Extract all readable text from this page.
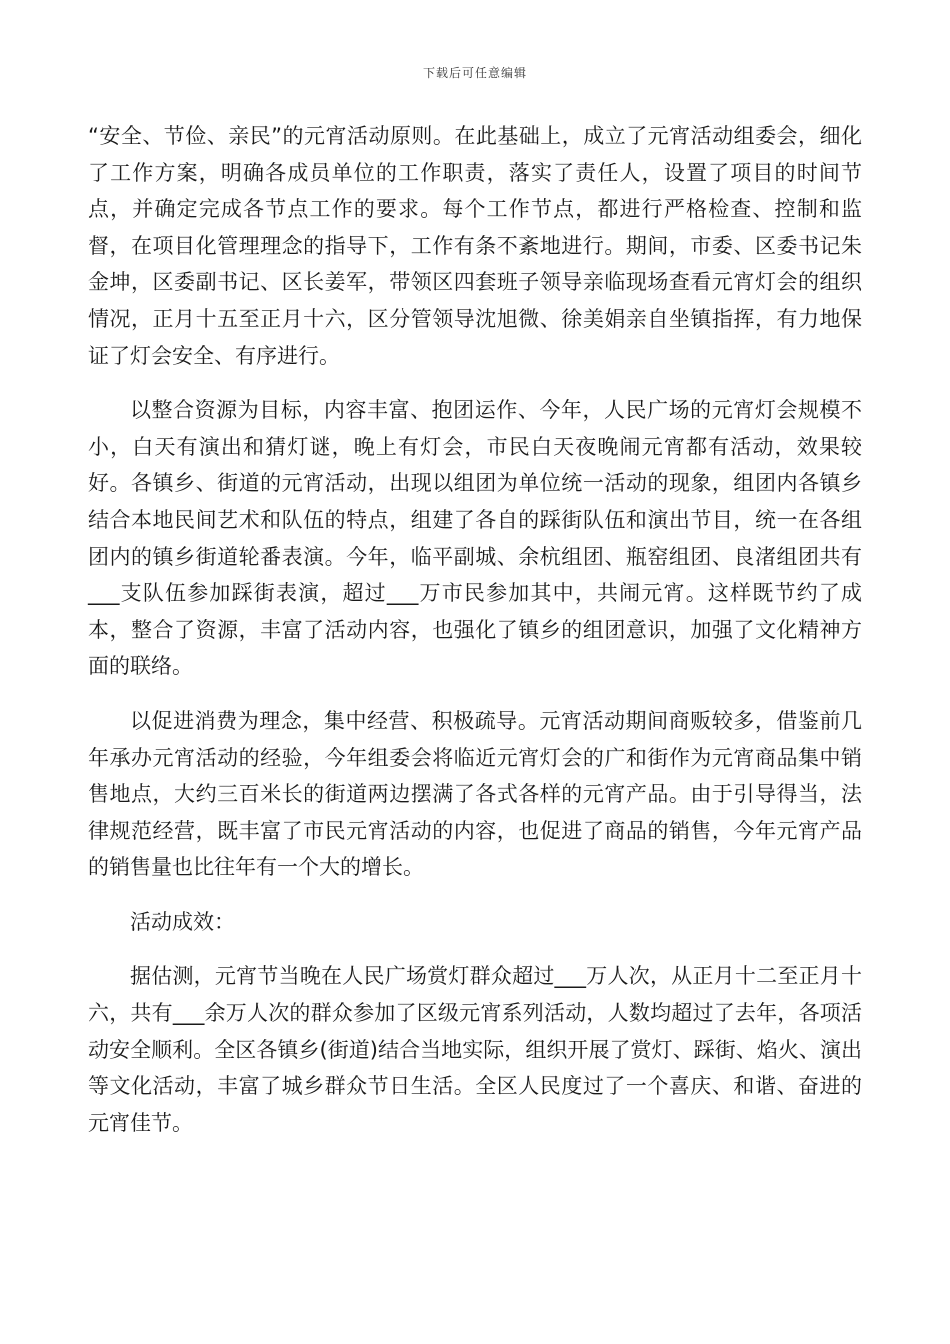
下载后可任意编辑

“安全、节俭、亲民”的元宵活动原则。在此基础上，成立了元宵活动组委会，细化了工作方案，明确各成员单位的工作职责，落实了责任人，设置了项目的时间节点，并确定完成各节点工作的要求。每个工作节点，都进行严格检查、控制和监督，在项目化管理理念的指导下，工作有条不紊地进行。期间，市委、区委书记朱金坤，区委副书记、区长姜军，带领区四套班子领导亲临现场查看元宵灯会的组织情况，正月十五至正月十六，区分管领导沈旭微、徐美娟亲自坐镇指挥，有力地保证了灯会安全、有序进行。

以整合资源为目标，内容丰富、抱团运作、今年，人民广场的元宵灯会规模不小，白天有演出和猜灯谜，晚上有灯会，市民白天夜晚闹元宵都有活动，效果较好。各镇乡、街道的元宵活动，出现以组团为单位统一活动的现象，组团内各镇乡结合本地民间艺术和队伍的特点，组建了各自的踩街队伍和演出节目，统一在各组团内的镇乡街道轮番表演。今年，临平副城、余杭组团、瓶窑组团、良渚组团共有___支队伍参加踩街表演，超过___万市民参加其中，共闹元宵。这样既节约了成本，整合了资源，丰富了活动内容，也强化了镇乡的组团意识，加强了文化精神方面的联络。

以促进消费为理念，集中经营、积极疏导。元宵活动期间商贩较多，借鉴前几年承办元宵活动的经验，今年组委会将临近元宵灯会的广和街作为元宵商品集中销售地点，大约三百米长的街道两边摆满了各式各样的元宵产品。由于引导得当，法律规范经营，既丰富了市民元宵活动的内容，也促进了商品的销售，今年元宵产品的销售量也比往年有一个大的增长。

活动成效：

据估测，元宵节当晚在人民广场赏灯群众超过___万人次，从正月十二至正月十六，共有___余万人次的群众参加了区级元宵系列活动，人数均超过了去年，各项活动安全顺利。全区各镇乡(街道)结合当地实际，组织开展了赏灯、踩街、焰火、演出等文化活动，丰富了城乡群众节日生活。全区人民度过了一个喜庆、和谐、奋进的元宵佳节。
